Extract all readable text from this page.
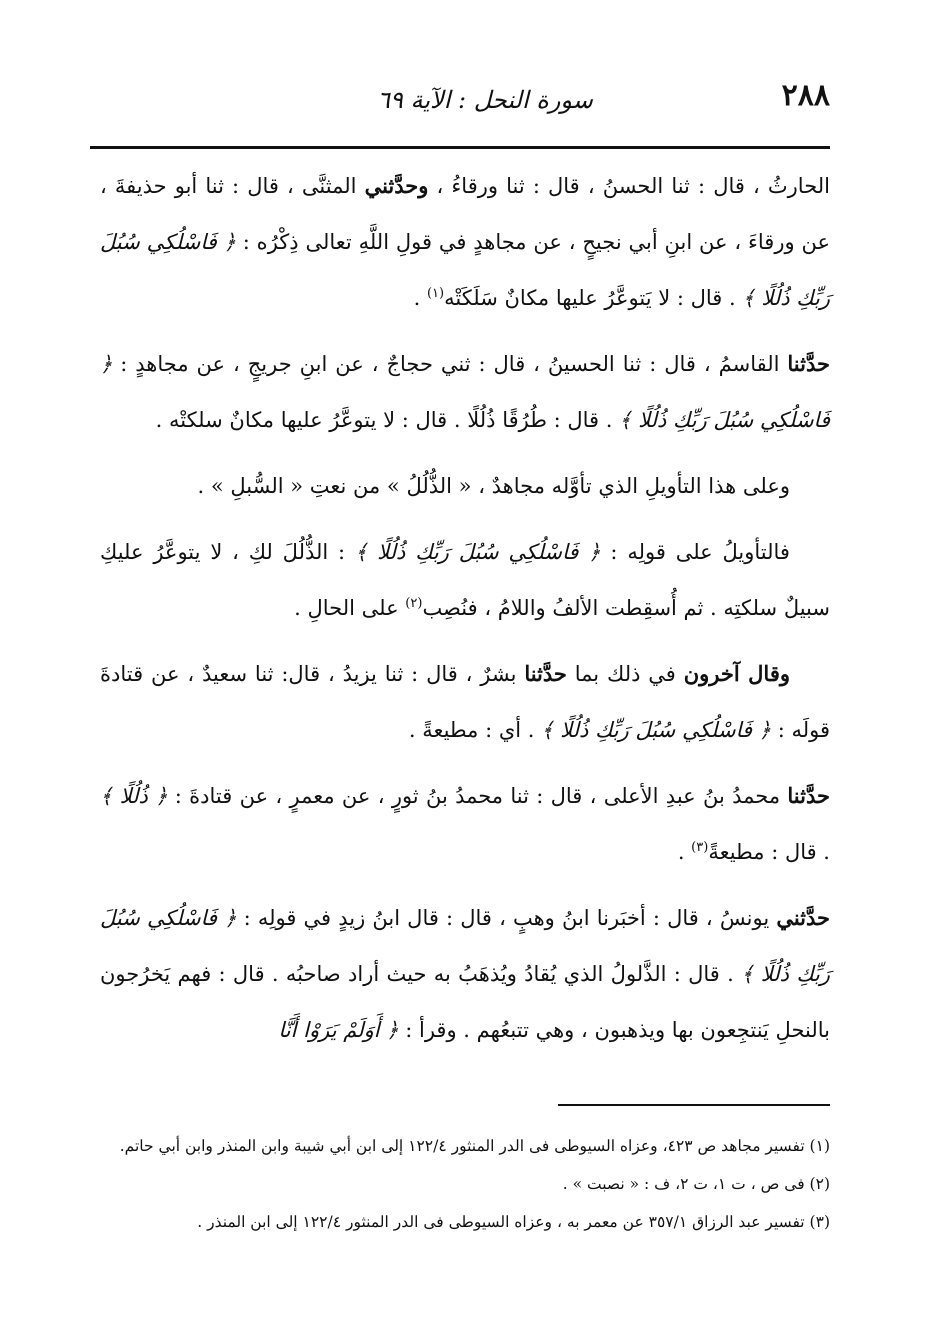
٢٨٨
سورة النحل : الآية ٦٩

الحارثُ ، قال : ثنا الحسنُ ، قال : ثنا ورقاءُ ، وحدَّثني المثنَّى ، قال : ثنا أبو حذيفةَ ، عن ورقاءَ ، عن ابنِ أبي نجيحٍ ، عن مجاهدٍ في قولِ اللَّهِ تعالى ذِكْرُه : ﴿ فَاسْلُكِي سُبُلَ رَبِّكِ ذُلُلًا ﴾ . قال : لا يَتوعَّرُ عليها مكانٌ سَلَكَتْه$^{(١)}$ .

حدَّثنا القاسمُ ، قال : ثنا الحسينُ ، قال : ثني حجاجٌ ، عن ابنِ جريجٍ ، عن مجاهدٍ : ﴿ فَاسْلُكِي سُبُلَ رَبِّكِ ذُلُلًا ﴾ . قال : طُرُقًا ذُلُلًا . قال : لا يتوعَّرُ عليها مكانٌ سلكتْه .

وعلى هذا التأويلِ الذي تأوَّله مجاهدٌ ، « الذُّلُلُ » من نعتِ « السُّبلِ » .

فالتأويلُ على قولِه : ﴿ فَاسْلُكِي سُبُلَ رَبِّكِ ذُلُلًا ﴾ : الذُّلُلَ لكِ ، لا يتوعَّرُ عليكِ سبيلٌ سلكتِه . ثم أُسقِطت الألفُ واللامُ ، فنُصِب$^{(٢)}$ على الحالِ .

وقال آخرون في ذلك بما حدَّثنا بشرٌ ، قال : ثنا يزيدُ ، قال: ثنا سعيدٌ ، عن قتادةَ قولَه : ﴿ فَاسْلُكِي سُبُلَ رَبِّكِ ذُلُلًا ﴾ . أي : مطيعةً .

حدَّثنا محمدُ بنُ عبدِ الأعلى ، قال : ثنا محمدُ بنُ ثورٍ ، عن معمرٍ ، عن قتادةَ : ﴿ ذُلُلًا ﴾ . قال : مطيعةً$^{(٣)}$ .

حدَّثني يونسُ ، قال : أخبَرنا ابنُ وهبٍ ، قال : قال ابنُ زيدٍ في قولِه : ﴿ فَاسْلُكِي سُبُلَ رَبِّكِ ذُلُلًا ﴾ . قال : الذَّلولُ الذي يُقادُ ويُذهَبُ به حيث أراد صاحبُه . قال : فهم يَخرُجون بالنحلِ يَنتجِعون بها ويذهبون ، وهي تتبعُهم . وقرأ : ﴿ أَوَلَمْ يَرَوْا أَنَّا

(١) تفسير مجاهد ص ٤٢٣، وعزاه السيوطى فى الدر المنثور ١٢٢/٤ إلى ابن أبي شيبة وابن المنذر وابن أبي حاتم.

(٢) فى ص ، ت ١، ت ٢، ف : « نصبت » .

(٣) تفسير عبد الرزاق ٣٥٧/١ عن معمر به ، وعزاه السيوطى فى الدر المنثور ١٢٢/٤ إلى ابن المنذر .
